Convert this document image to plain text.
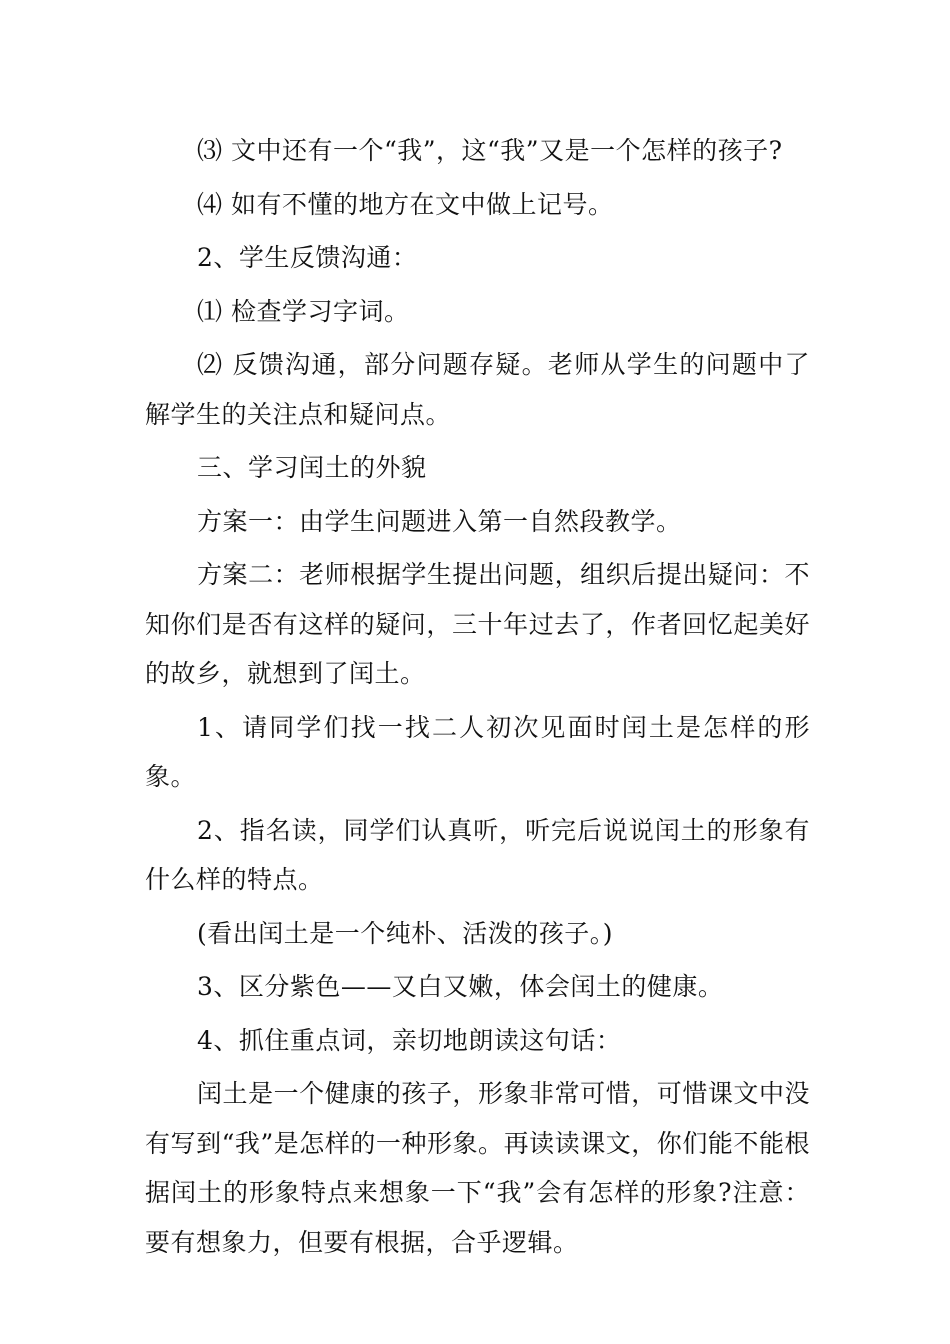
⑶ 文中还有一个“我”，这“我”又是一个怎样的孩子?

⑷ 如有不懂的地方在文中做上记号。

2、学生反馈沟通：

⑴ 检查学习字词。

⑵ 反馈沟通，部分问题存疑。老师从学生的问题中了解学生的关注点和疑问点。

三、学习闰土的外貌

方案一：由学生问题进入第一自然段教学。

方案二：老师根据学生提出问题，组织后提出疑问：不知你们是否有这样的疑问，三十年过去了，作者回忆起美好的故乡，就想到了闰土。

1、请同学们找一找二人初次见面时闰土是怎样的形象。

2、指名读，同学们认真听，听完后说说闰土的形象有什么样的特点。

(看出闰土是一个纯朴、活泼的孩子。)

3、区分紫色——又白又嫩，体会闰土的健康。

4、抓住重点词，亲切地朗读这句话：

闰土是一个健康的孩子，形象非常可惜，可惜课文中没有写到“我”是怎样的一种形象。再读读课文，你们能不能根据闰土的形象特点来想象一下“我”会有怎样的形象?注意：要有想象力，但要有根据，合乎逻辑。
